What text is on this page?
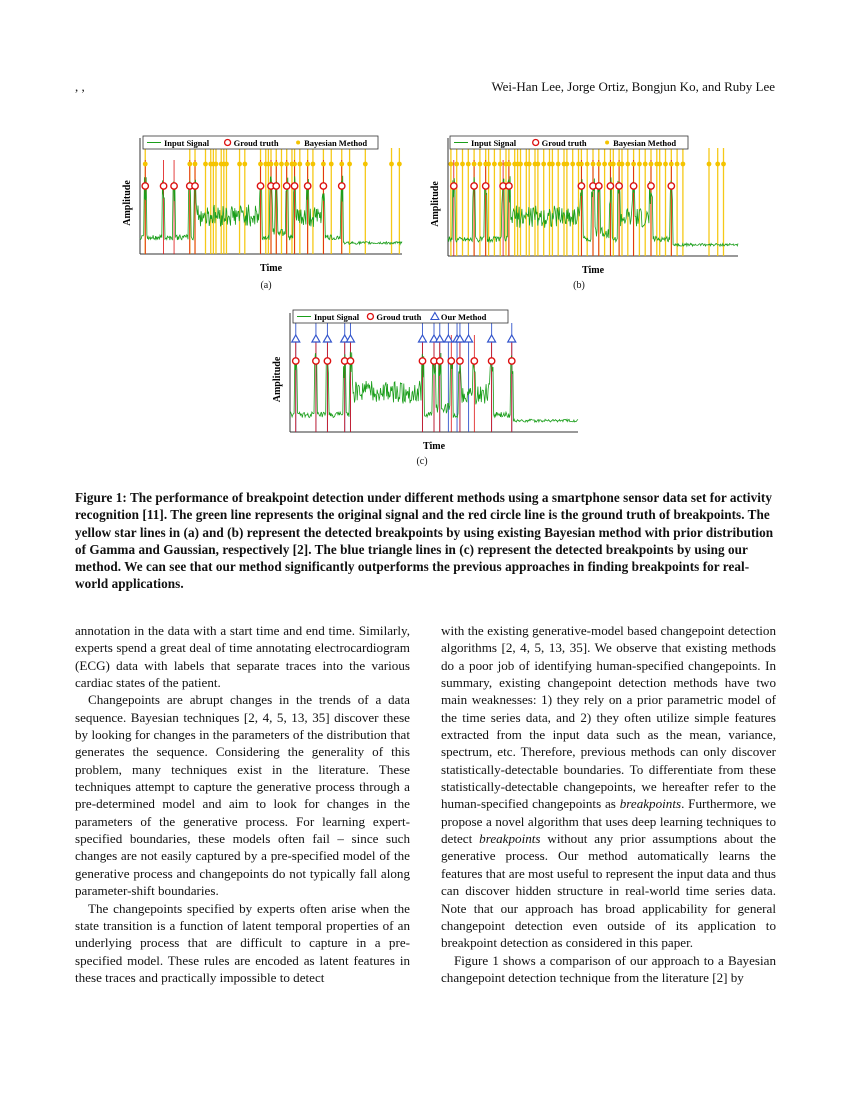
, ,	Wei-Han Lee, Jorge Ortiz, Bongjun Ko, and Ruby Lee
Amplitude
Time
Input Signal	Groud truth	Bayesian Method
(a)
Amplitude
Time
Input Signal	Groud truth	Bayesian Method
(b)
Amplitude
Time
Input Signal Groud truth Our Method
(c)

Figure 1: The performance of breakpoint detection under different methods using a smartphone sensor data set for activity recognition [11]. The green line represents the original signal and the red circle line is the ground truth of breakpoints. The yellow star lines in (a) and (b) represent the detected breakpoints by using existing Bayesian method with prior distribution of Gamma and Gaussian, respectively [2]. The blue triangle lines in (c) represent the detected breakpoints by using our method. We can see that our method significantly outperforms the previous approaches in finding breakpoints for real-world applications.

annotation in the data with a start time and end time. Similarly, experts spend a great deal of time annotating electrocardiogram (ECG) data with labels that separate traces into the various cardiac states of the patient.

Changepoints are abrupt changes in the trends of a data sequence. Bayesian techniques [2, 4, 5, 13, 35] discover these by looking for changes in the parameters of the distribution that generates the sequence. Considering the generality of this problem, many techniques exist in the literature. These techniques attempt to capture the generative process through a pre-determined model and aim to look for changes in the parameters of the generative process. For learning expert-specified boundaries, these models often fail – since such changes are not easily captured by a pre-specified model of the generative process and changepoints do not typically fall along parameter-shift boundaries.

The changepoints specified by experts often arise when the state transition is a function of latent temporal properties of an underlying process that are difficult to capture in a pre-specified model. These rules are encoded as latent features in these traces and practically impossible to detect

with the existing generative-model based changepoint detection algorithms [2, 4, 5, 13, 35]. We observe that existing methods do a poor job of identifying human-specified changepoints. In summary, existing changepoint detection methods have two main weaknesses: 1) they rely on a prior parametric model of the time series data, and 2) they often utilize simple features extracted from the input data such as the mean, variance, spectrum, etc. Therefore, previous methods can only discover statistically-detectable boundaries. To differentiate from these statistically-detectable changepoints, we hereafter refer to the human-specified changepoints as breakpoints. Furthermore, we propose a novel algorithm that uses deep learning techniques to detect breakpoints without any prior assumptions about the generative process. Our method automatically learns the features that are most useful to represent the input data and thus can discover hidden structure in real-world time series data. Note that our approach has broad applicability for general changepoint detection even outside of its application to breakpoint detection as considered in this paper.

Figure 1 shows a comparison of our approach to a Bayesian changepoint detection technique from the literature [2] by
